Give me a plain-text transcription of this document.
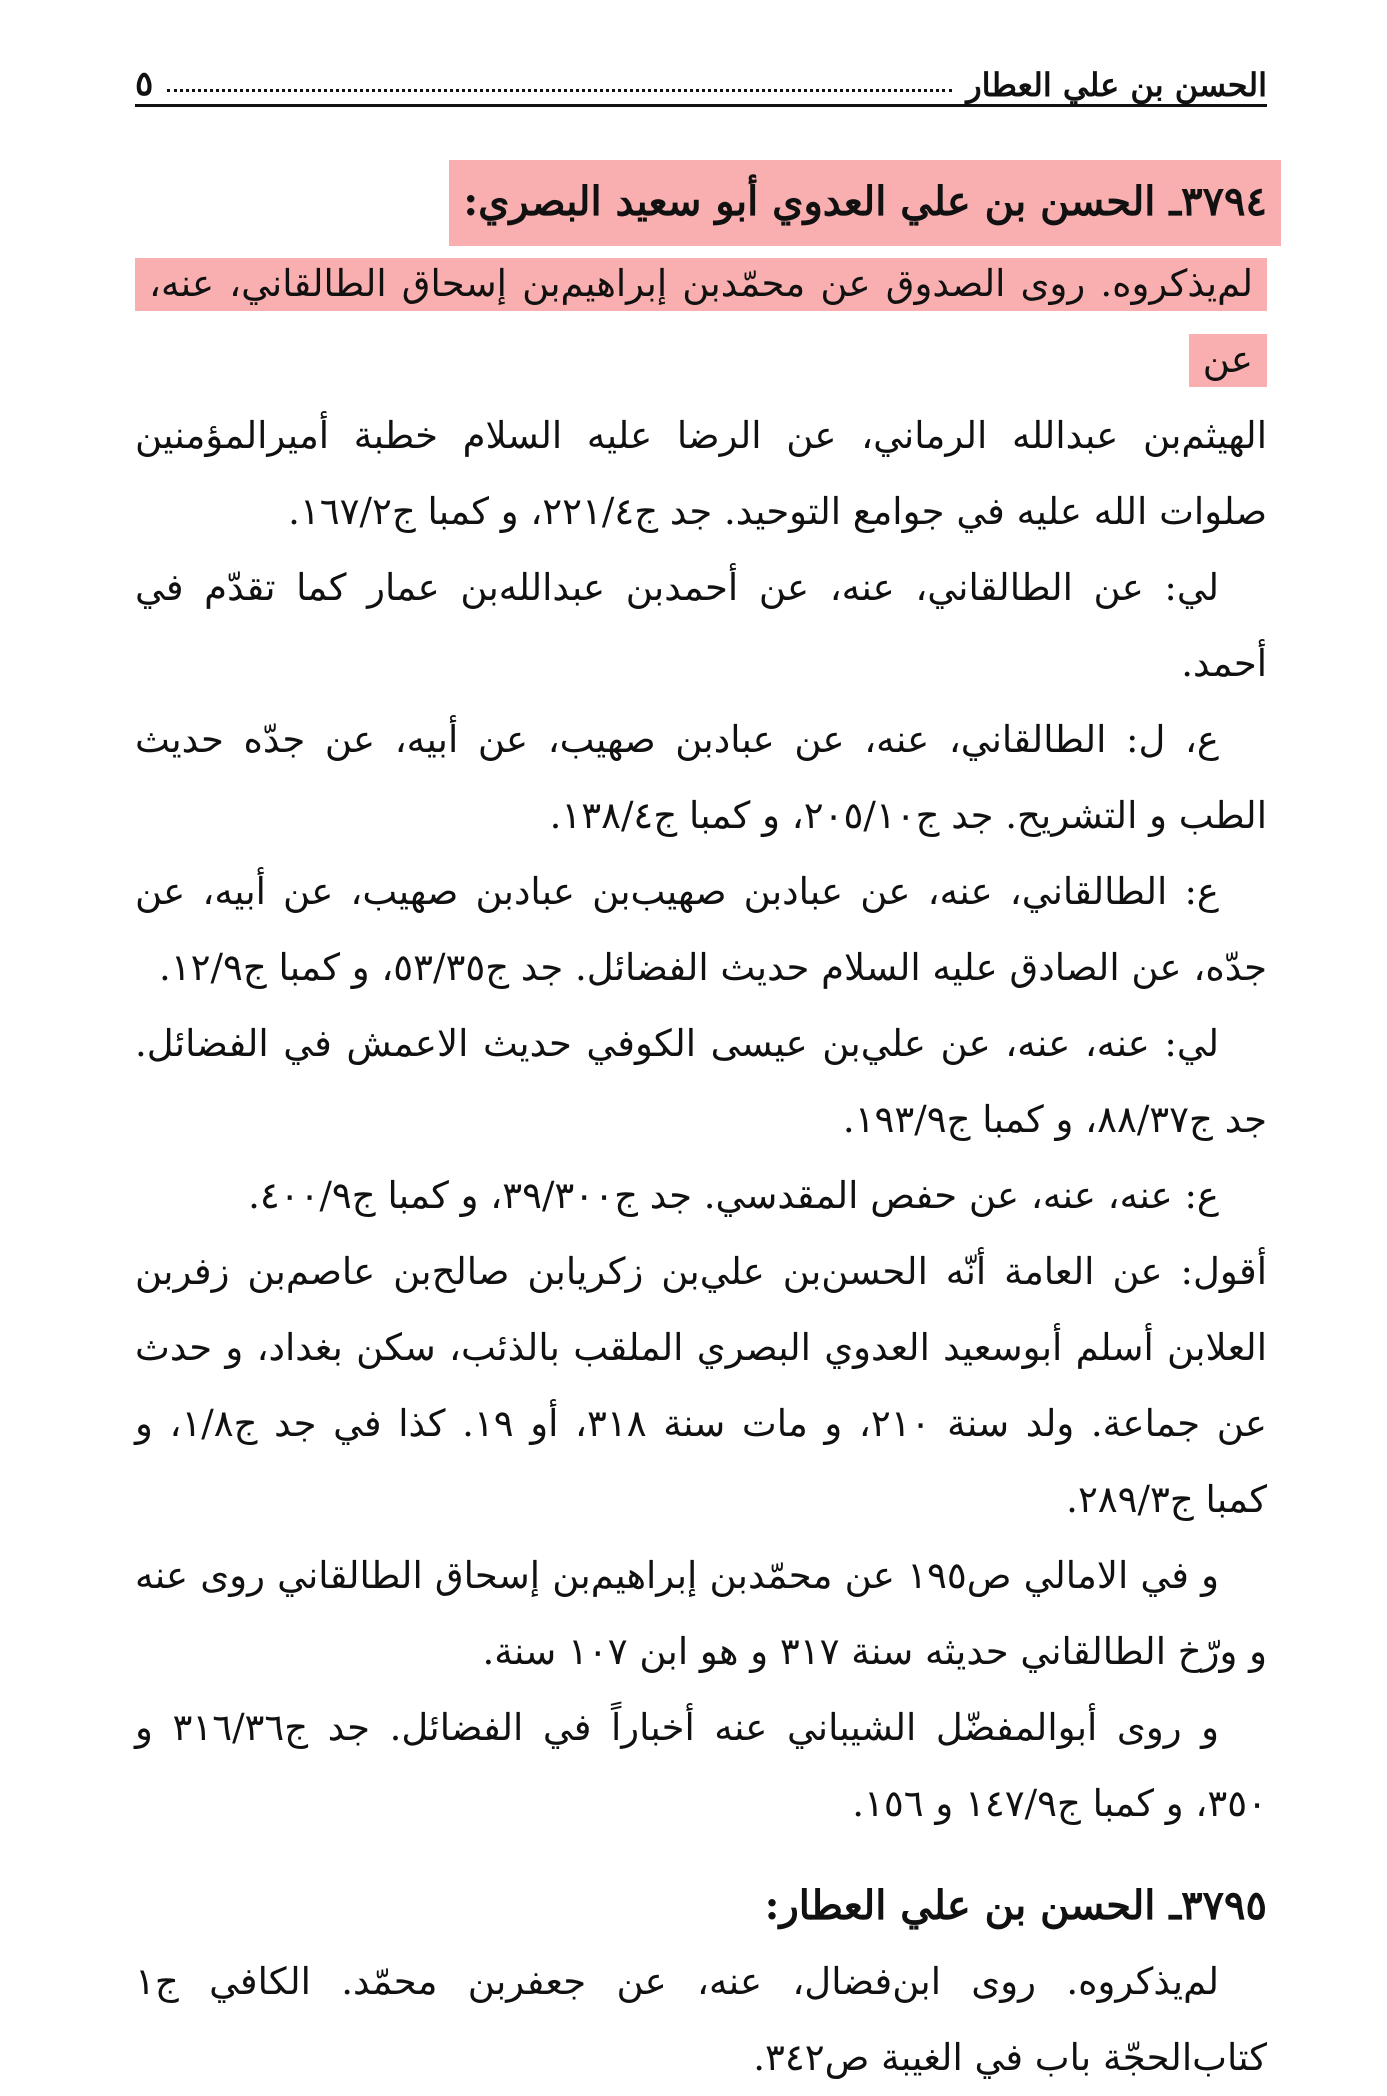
الحسن بن علي العطار
٥

٣٧٩٤ـ الحسن بن علي العدوي أبو سعيد البصري:

لم‌يذكروه. روى الصدوق عن محمّدبن إبراهيم‌بن إسحاق الطالقاني، عنه، عن

الهيثم‌بن عبدالله الرماني، عن الرضا عليه السلام خطبة أميرالمؤمنين صلوات الله عليه في جوامع التوحيد. جد ج٢٢١/٤، و كمبا ج١٦٧/٢.

لي: عن الطالقاني، عنه، عن أحمدبن عبدالله‌بن عمار كما تقدّم في أحمد.

ع، ل: الطالقاني، عنه، عن عبادبن صهيب، عن أبيه، عن جدّه حديث الطب و التشريح. جد ج٢٠٥/١٠، و كمبا ج١٣٨/٤.

ع: الطالقاني، عنه، عن عبادبن صهيب‌بن عبادبن صهيب، عن أبيه، عن جدّه، عن الصادق عليه السلام حديث الفضائل. جد ج٥٣/٣٥، و كمبا ج١٢/٩.

لي: عنه، عنه، عن علي‌بن عيسى الكوفي حديث الاعمش في الفضائل. جد ج٨٨/٣٧، و كمبا ج١٩٣/٩.

ع: عنه، عنه، عن حفص المقدسي. جد ج٣٩/٣٠٠، و كمبا ج٤٠٠/٩.

أقول: عن العامة أنّه الحسن‌بن علي‌بن زكريابن صالح‌بن عاصم‌بن زفربن العلابن أسلم أبوسعيد العدوي البصري الملقب بالذئب، سكن بغداد، و حدث عن جماعة. ولد سنة ٢١٠، و مات سنة ٣١٨، أو ١٩. كذا في جد ج١/٨، و كمبا ج٢٨٩/٣.

و في الامالي ص١٩٥ عن محمّدبن إبراهيم‌بن إسحاق الطالقاني روى عنه و ورّخ الطالقاني حديثه سنة ٣١٧ و هو ابن ١٠٧ سنة.

و روى أبوالمفضّل الشيباني عنه أخباراً في الفضائل. جد ج٣١٦/٣٦ و ٣٥٠، و كمبا ج١٤٧/٩ و ١٥٦.

٣٧٩٥ـ الحسن بن علي العطار:

لم‌يذكروه. روى ابن‌فضال، عنه، عن جعفربن محمّد. الكافي ج١ كتاب‌الحجّة باب في الغيبة ص٣٤٢.
